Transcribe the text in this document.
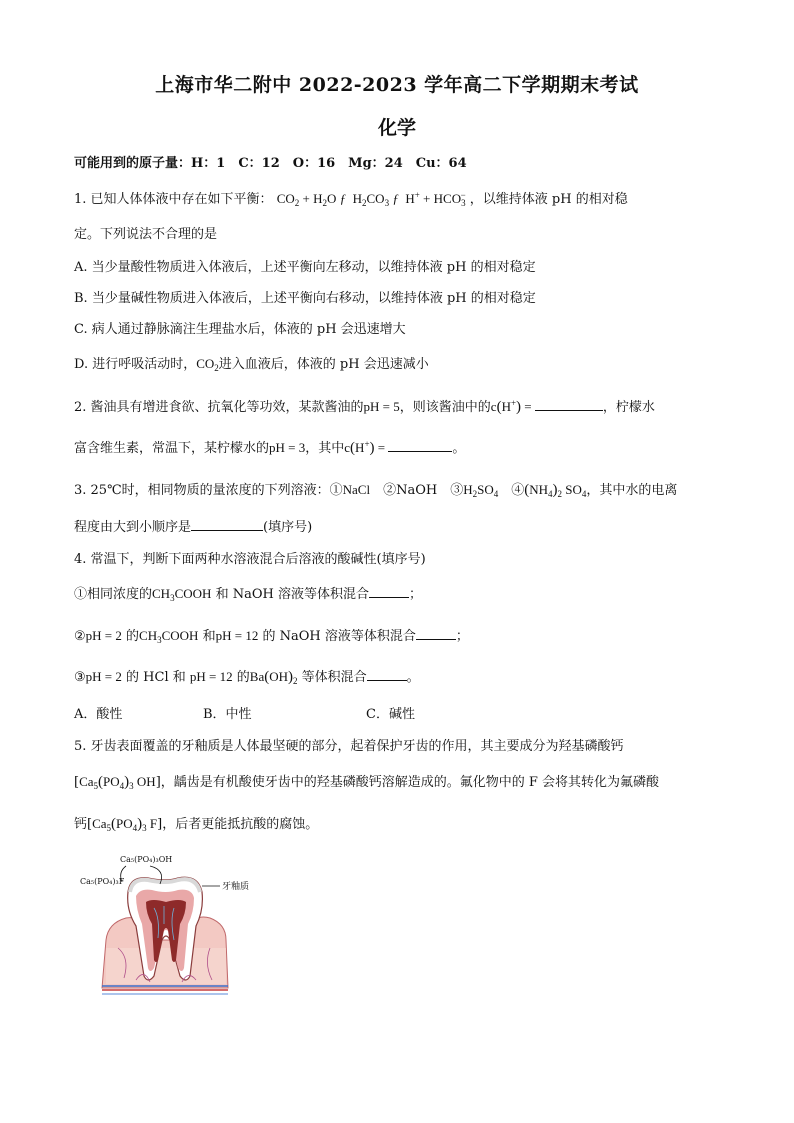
上海市华二附中 2022-2023 学年高二下学期期末考试
化学
可能用到的原子量：H：1　C：12　O：16　Mg：24　Cu：64
1. 已知人体体液中存在如下平衡： $CO_2 + H_2O$ ƒ  $H_2CO_3$ ƒ  $H^+ + HCO_3^-$ ，以维持体液 pH 的相对稳
定。下列说法不合理的是
A. 当少量酸性物质进入体液后，上述平衡向左移动，以维持体液 pH 的相对稳定
B. 当少量碱性物质进入体液后，上述平衡向右移动，以维持体液 pH 的相对稳定
C. 病人通过静脉滴注生理盐水后，体液的 pH 会迅速增大
D. 进行呼吸活动时，$CO_2$进入血液后，体液的 pH 会迅速减小
2. 酱油具有增进食欲、抗氧化等功效，某款酱油的pH = 5，则该酱油中的c(H+) =	，柠檬水
富含维生素，常温下，某柠檬水的pH = 3，其中c(H+) =	。
3. 25℃时，相同物质的量浓度的下列溶液：①NaCl　②NaOH　$③H_2SO_4$　$④(NH_4)_2$ $SO_4$，其中水的电离
程度由大到小顺序是	(填序号)
4. 常温下，判断下面两种水溶液混合后溶液的酸碱性(填序号)
①相同浓度的$CH_3COOH$ 和 NaOH 溶液等体积混合	；
②pH = 2 的$CH_3COOH$ 和pH = 12 的 NaOH 溶液等体积混合	；
③pH = 2 的 HCl 和 pH = 12 的$Ba(OH)_2$ 等体积混合	。
A．酸性	B．中性	C．碱性
5. 牙齿表面覆盖的牙釉质是人体最坚硬的部分，起着保护牙齿的作用，其主要成分为羟基磷酸钙
[$Ca_5(PO_4)_3$ OH]，龋齿是有机酸使牙齿中的羟基磷酸钙溶解造成的。氟化物中的 F 会将其转化为氟磷酸
钙[$Ca_5(PO_4)_3$ F]，后者更能抵抗酸的腐蚀。
Ca₅(PO₄)₃OH
Ca₅(PO₄)₃F
牙釉质
